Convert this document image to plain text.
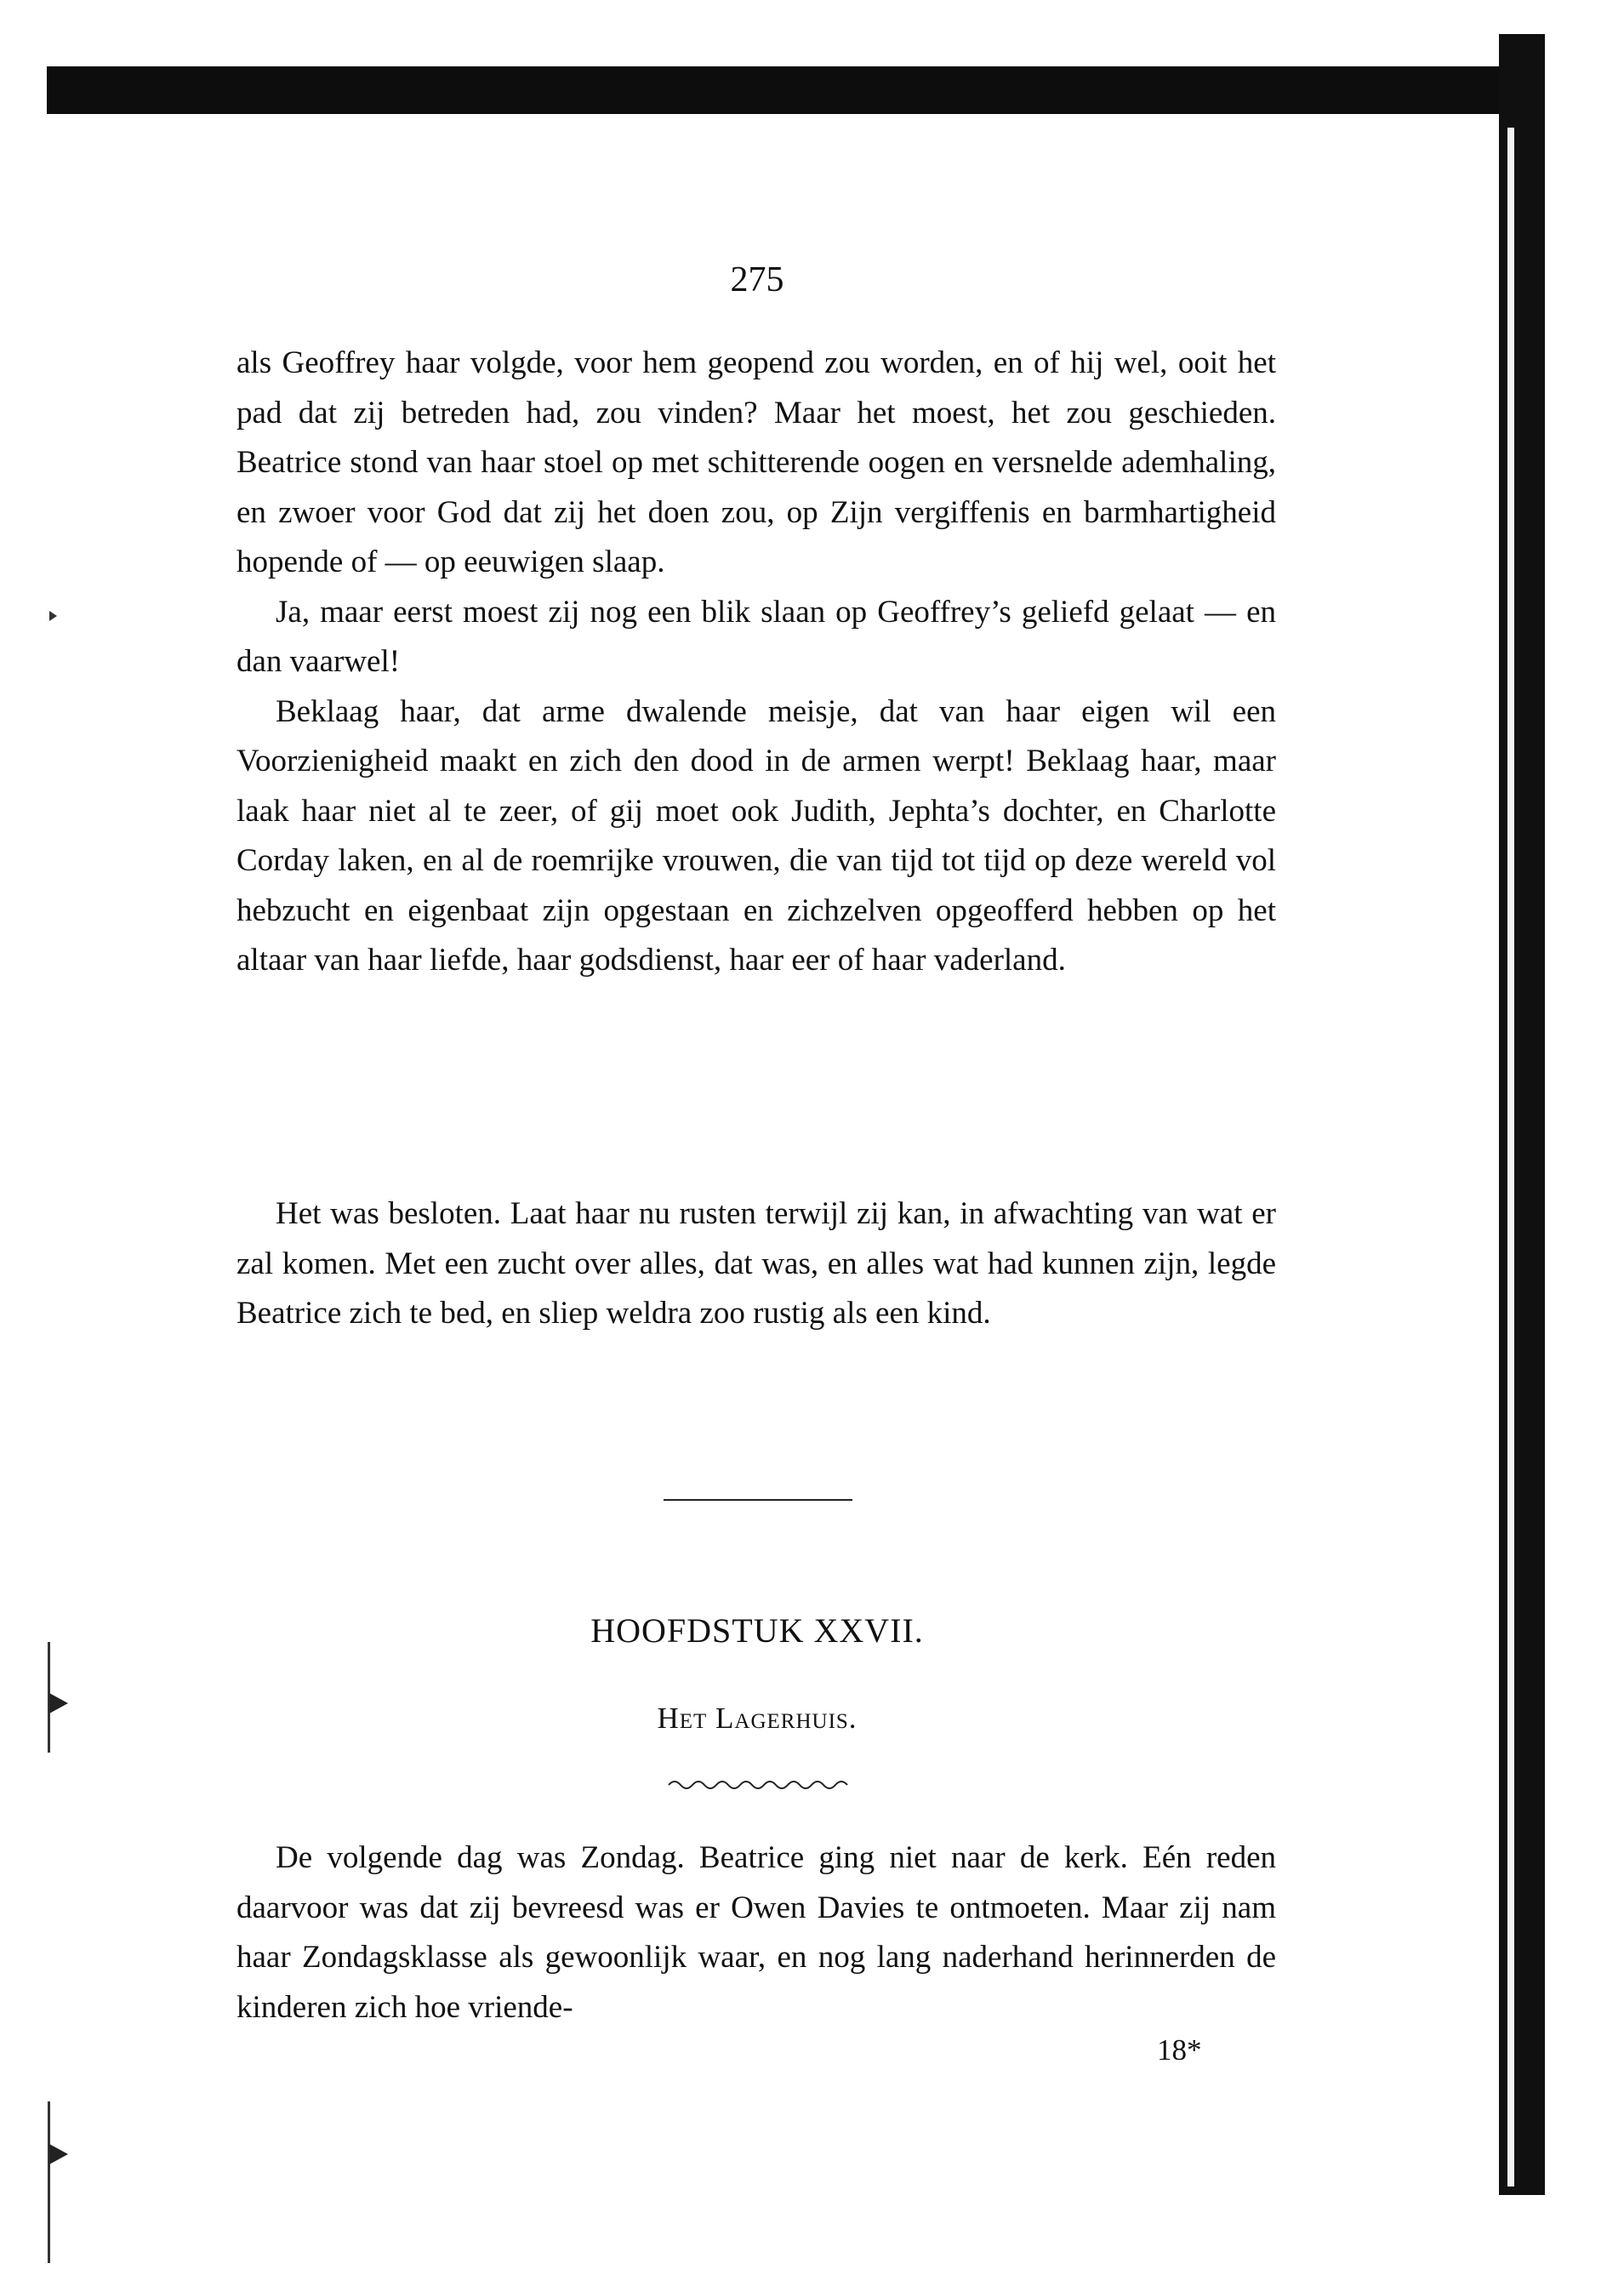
275

als Geoffrey haar volgde, voor hem geopend zou worden, en of hij wel, ooit het pad dat zij betreden had, zou vinden? Maar het moest, het zou geschieden. Beatrice stond van haar stoel op met schitterende oogen en versnelde ademhaling, en zwoer voor God dat zij het doen zou, op Zijn vergiffenis en barmhartigheid hopende of — op eeuwigen slaap.

Ja, maar eerst moest zij nog een blik slaan op Geoffrey’s geliefd gelaat — en dan vaarwel!

Beklaag haar, dat arme dwalende meisje, dat van haar eigen wil een Voorzienigheid maakt en zich den dood in de armen werpt! Beklaag haar, maar laak haar niet al te zeer, of gij moet ook Judith, Jephta’s dochter, en Charlotte Corday laken, en al de roemrijke vrouwen, die van tijd tot tijd op deze wereld vol hebzucht en eigenbaat zijn opgestaan en zichzelven opgeofferd hebben op het altaar van haar liefde, haar godsdienst, haar eer of haar vaderland.

Het was besloten. Laat haar nu rusten terwijl zij kan, in afwachting van wat er zal komen. Met een zucht over alles, dat was, en alles wat had kunnen zijn, legde Beatrice zich te bed, en sliep weldra zoo rustig als een kind.

HOOFDSTUK XXVII.
Het Lagerhuis.

De volgende dag was Zondag. Beatrice ging niet naar de kerk. Eén reden daarvoor was dat zij bevreesd was er Owen Davies te ontmoeten. Maar zij nam haar Zondagsklasse als gewoonlijk waar, en nog lang naderhand herinnerden de kinderen zich hoe vriende-

18*
